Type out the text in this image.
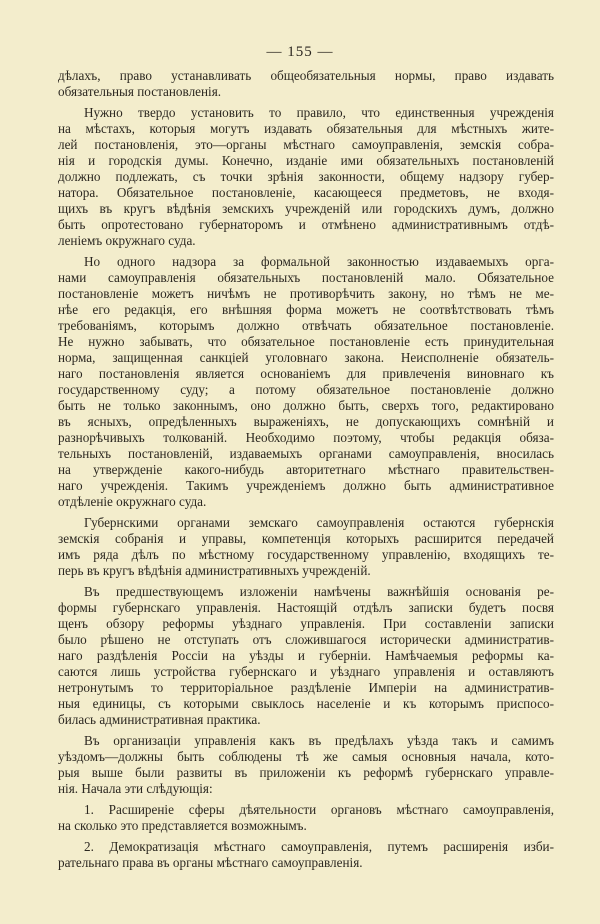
— 155 —
дѣлахъ, право устанавливать общеобязательныя нормы, право издавать
обязательныя постановленія.
Нужно твердо установить то правило, что единственныя учрежденія
на мѣстахъ, которыя могутъ издавать обязательныя для мѣстныхъ жите-
лей постановленія, это—органы мѣстнаго самоуправленія, земскія собра-
нія и городскія думы. Конечно, изданіе ими обязательныхъ постановленій
должно подлежать, съ точки зрѣнія законности, общему надзору губер-
натора. Обязательное постановленіе, касающееся предметовъ, не входя-
щихъ въ кругъ вѣдѣнія земскихъ учрежденій или городскихъ думъ, должно
быть опротестовано губернаторомъ и отмѣнено административнымъ отдѣ-
леніемъ окружнаго суда.
Но одного надзора за формальной законностью издаваемыхъ орга-
нами самоуправленія обязательныхъ постановленій мало. Обязательное
постановленіе можетъ ничѣмъ не противорѣчить закону, но тѣмъ не ме-
нѣе его редакція, его внѣшняя форма можетъ не соотвѣтствовать тѣмъ
требованіямъ, которымъ должно отвѣчать обязательное постановленіе.
Не нужно забывать, что обязательное постановленіе есть принудительная
норма, защищенная санкціей уголовнаго закона. Неисполненіе обязатель-
наго постановленія является основаніемъ для привлеченія виновнаго къ
государственному суду; а потому обязательное постановленіе должно
быть не только законнымъ, оно должно быть, сверхъ того, редактировано
въ ясныхъ, опредѣленныхъ выраженіяхъ, не допускающихъ сомнѣній и
разнорѣчивыхъ толкованій. Необходимо поэтому, чтобы редакція обяза-
тельныхъ постановленій, издаваемыхъ органами самоуправленія, вносилась
на утвержденіе какого-нибудь авторитетнаго мѣстнаго правительствен-
наго учрежденія. Такимъ учрежденіемъ должно быть административное
отдѣленіе окружнаго суда.
Губернскими органами земскаго самоуправленія остаются губернскія
земскія собранія и управы, компетенція которыхъ расширится передачей
имъ ряда дѣлъ по мѣстному государственному управленію, входящихъ те-
перь въ кругъ вѣдѣнія административныхъ учрежденій.
Въ предшествующемъ изложеніи намѣчены важнѣйшія основанія ре-
формы губернскаго управленія. Настоящій отдѣлъ записки будетъ посвя
щенъ обзору реформы уѣзднаго управленія. При составленіи записки
было рѣшено не отступать отъ сложившагося исторически административ-
наго раздѣленія Россіи на уѣзды и губерніи. Намѣчаемыя реформы ка-
саются лишь устройства губернскаго и уѣзднаго управленія и оставляютъ
нетронутымъ то территоріальное раздѣленіе Имперіи на административ-
ныя единицы, съ которыми свыклось населеніе и къ которымъ приспосо-
билась административная практика.
Въ организаціи управленія какъ въ предѣлахъ уѣзда такъ и самимъ
уѣздомъ—должны быть соблюдены тѣ же самыя основныя начала, кото-
рыя выше были развиты въ приложеніи къ реформѣ губернскаго управле-
нія. Начала эти слѣдующія:
1. Расширеніе сферы дѣятельности органовъ мѣстнаго самоуправленія,
на сколько это представляется возможнымъ.
2. Демократизація мѣстнаго самоуправленія, путемъ расширенія изби-
рательнаго права въ органы мѣстнаго самоуправленія.
